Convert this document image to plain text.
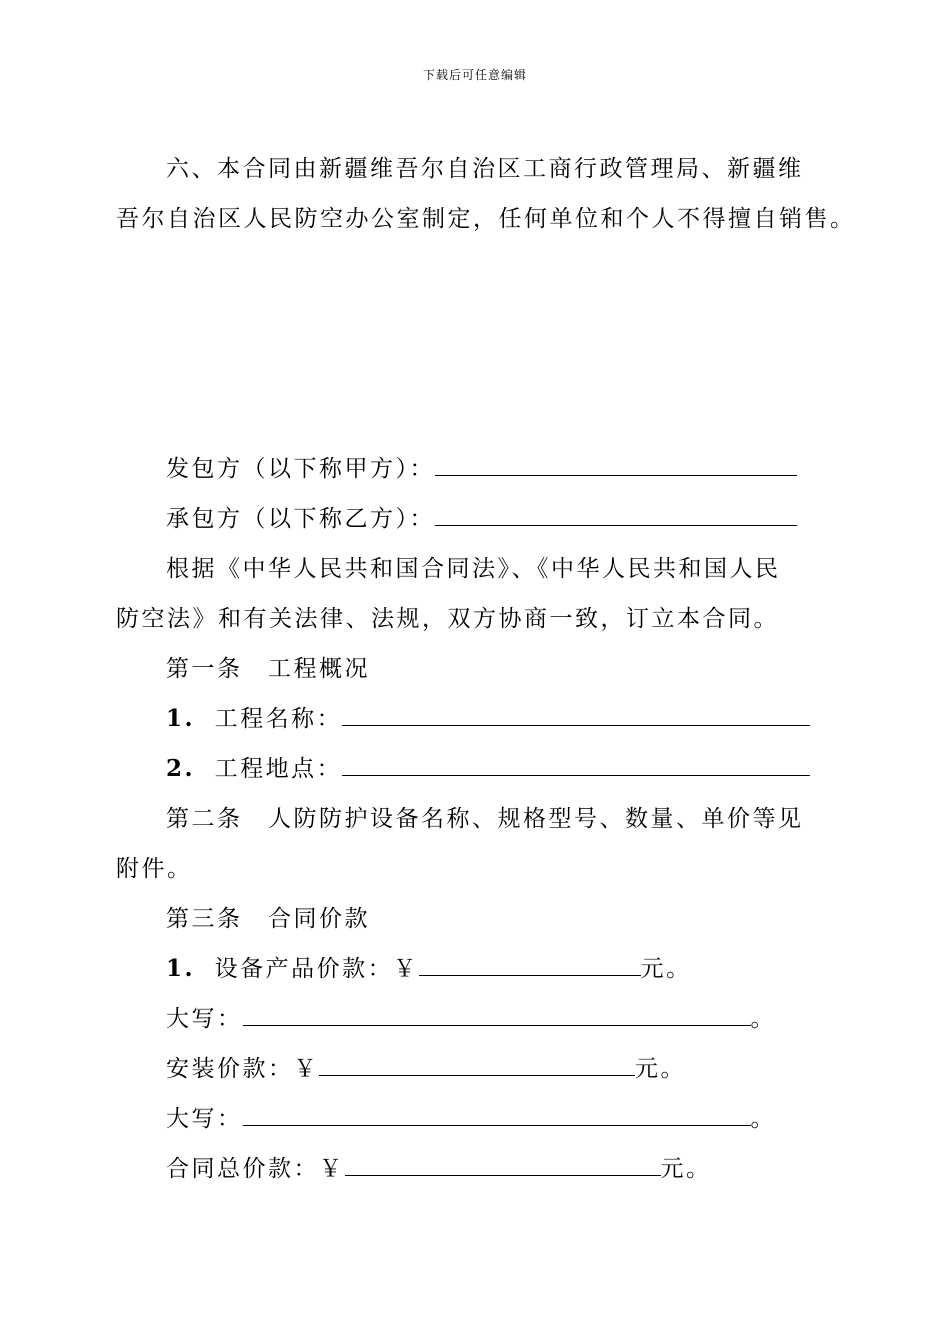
下载后可任意编辑
六、本合同由新疆维吾尔自治区工商行政管理局、新疆维
吾尔自治区人民防空办公室制定，任何单位和个人不得擅自销售。
发包方（以下称甲方）：
承包方（以下称乙方）：
根据《中华人民共和国合同法》、《中华人民共和国人民
防空法》和有关法律、法规，双方协商一致，订立本合同。
第一条　工程概况
1. 工程名称：
2. 工程地点：
第二条　人防防护设备名称、规格型号、数量、单价等见
附件。
第三条　合同价款
1. 设备产品价款：￥	元。
大写：	。
安装价款：￥	元。
大写：	。
合同总价款：￥	元。
